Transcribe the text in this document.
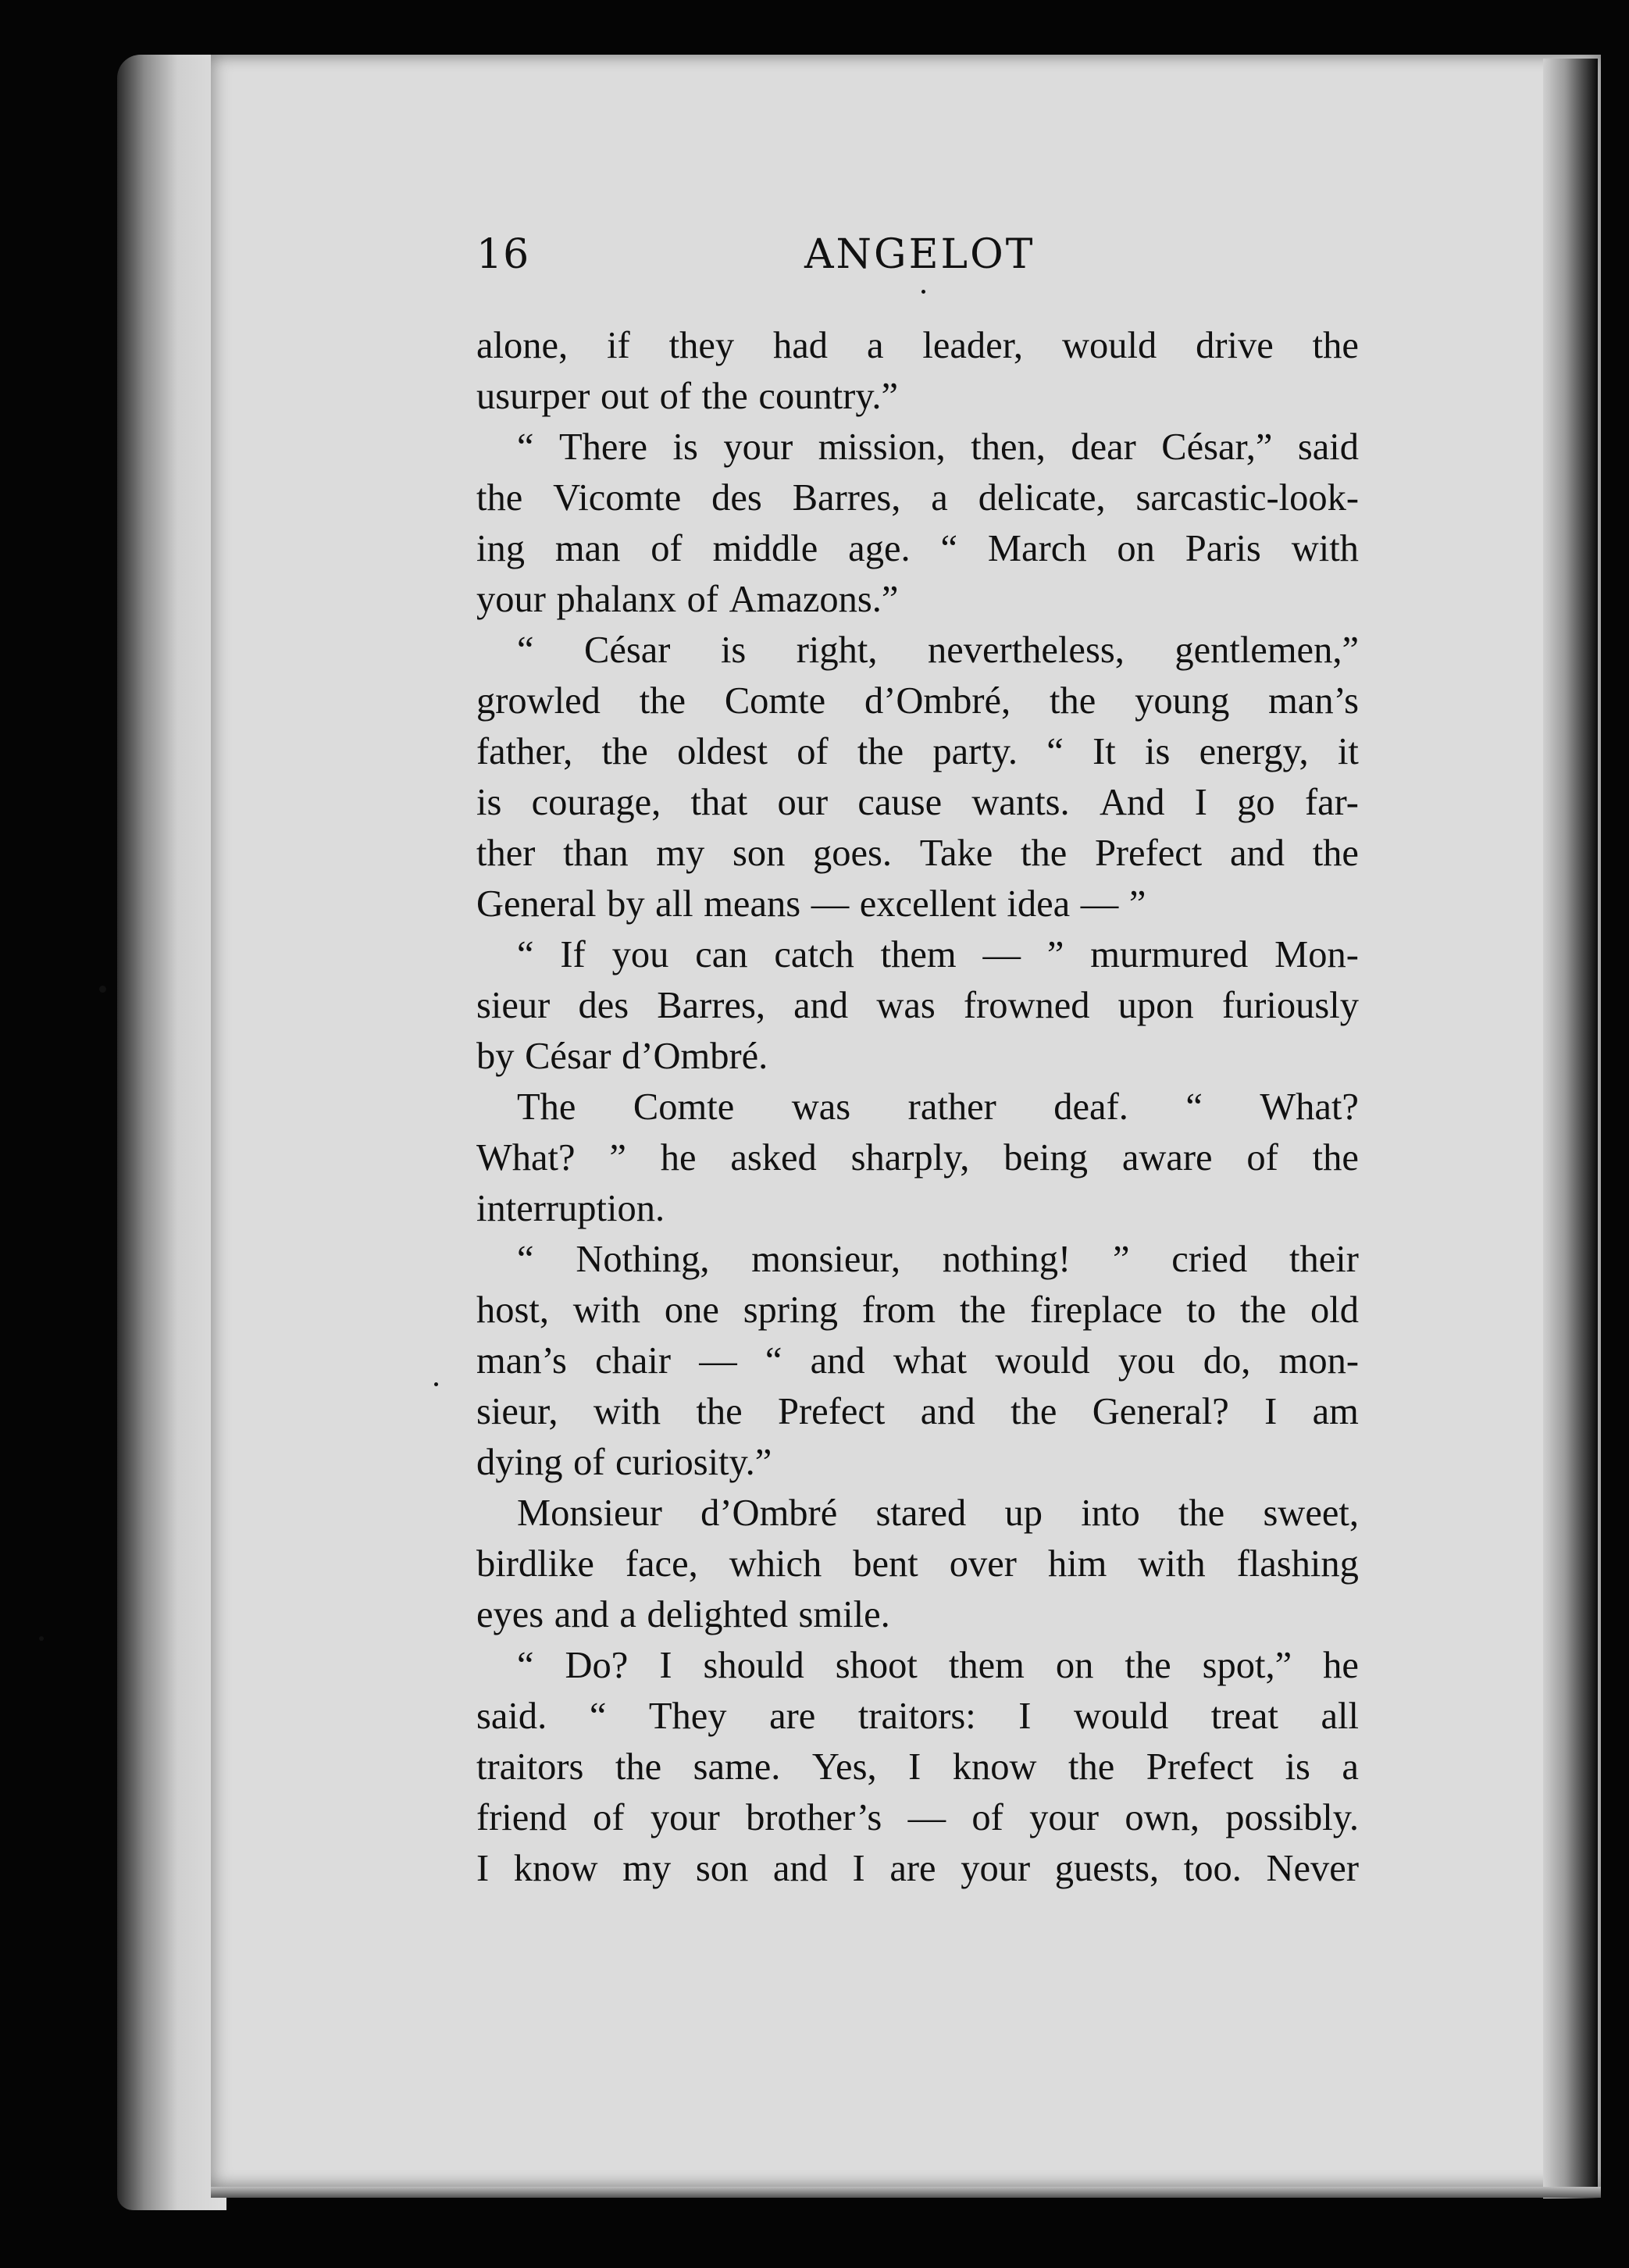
16	ANGELOT
alone, if they had a leader, would drive the
usurper out of the country.”
“ There is your mission, then, dear César,” said
the Vicomte des Barres, a delicate, sarcastic-look-
ing man of middle age. “ March on Paris with
your phalanx of Amazons.”
“ César is right, nevertheless, gentlemen,”
growled the Comte d’Ombré, the young man’s
father, the oldest of the party. “ It is energy, it
is courage, that our cause wants. And I go far-
ther than my son goes. Take the Prefect and the
General by all means — excellent idea — ”
“ If you can catch them — ” murmured Mon-
sieur des Barres, and was frowned upon furiously
by César d’Ombré.
The Comte was rather deaf. “ What?
What? ” he asked sharply, being aware of the
interruption.
“ Nothing, monsieur, nothing! ” cried their
host, with one spring from the fireplace to the old
man’s chair — “ and what would you do, mon-
sieur, with the Prefect and the General? I am
dying of curiosity.”
Monsieur d’Ombré stared up into the sweet,
birdlike face, which bent over him with flashing
eyes and a delighted smile.
“ Do? I should shoot them on the spot,” he
said. “ They are traitors: I would treat all
traitors the same. Yes, I know the Prefect is a
friend of your brother’s — of your own, possibly.
I know my son and I are your guests, too. Never
